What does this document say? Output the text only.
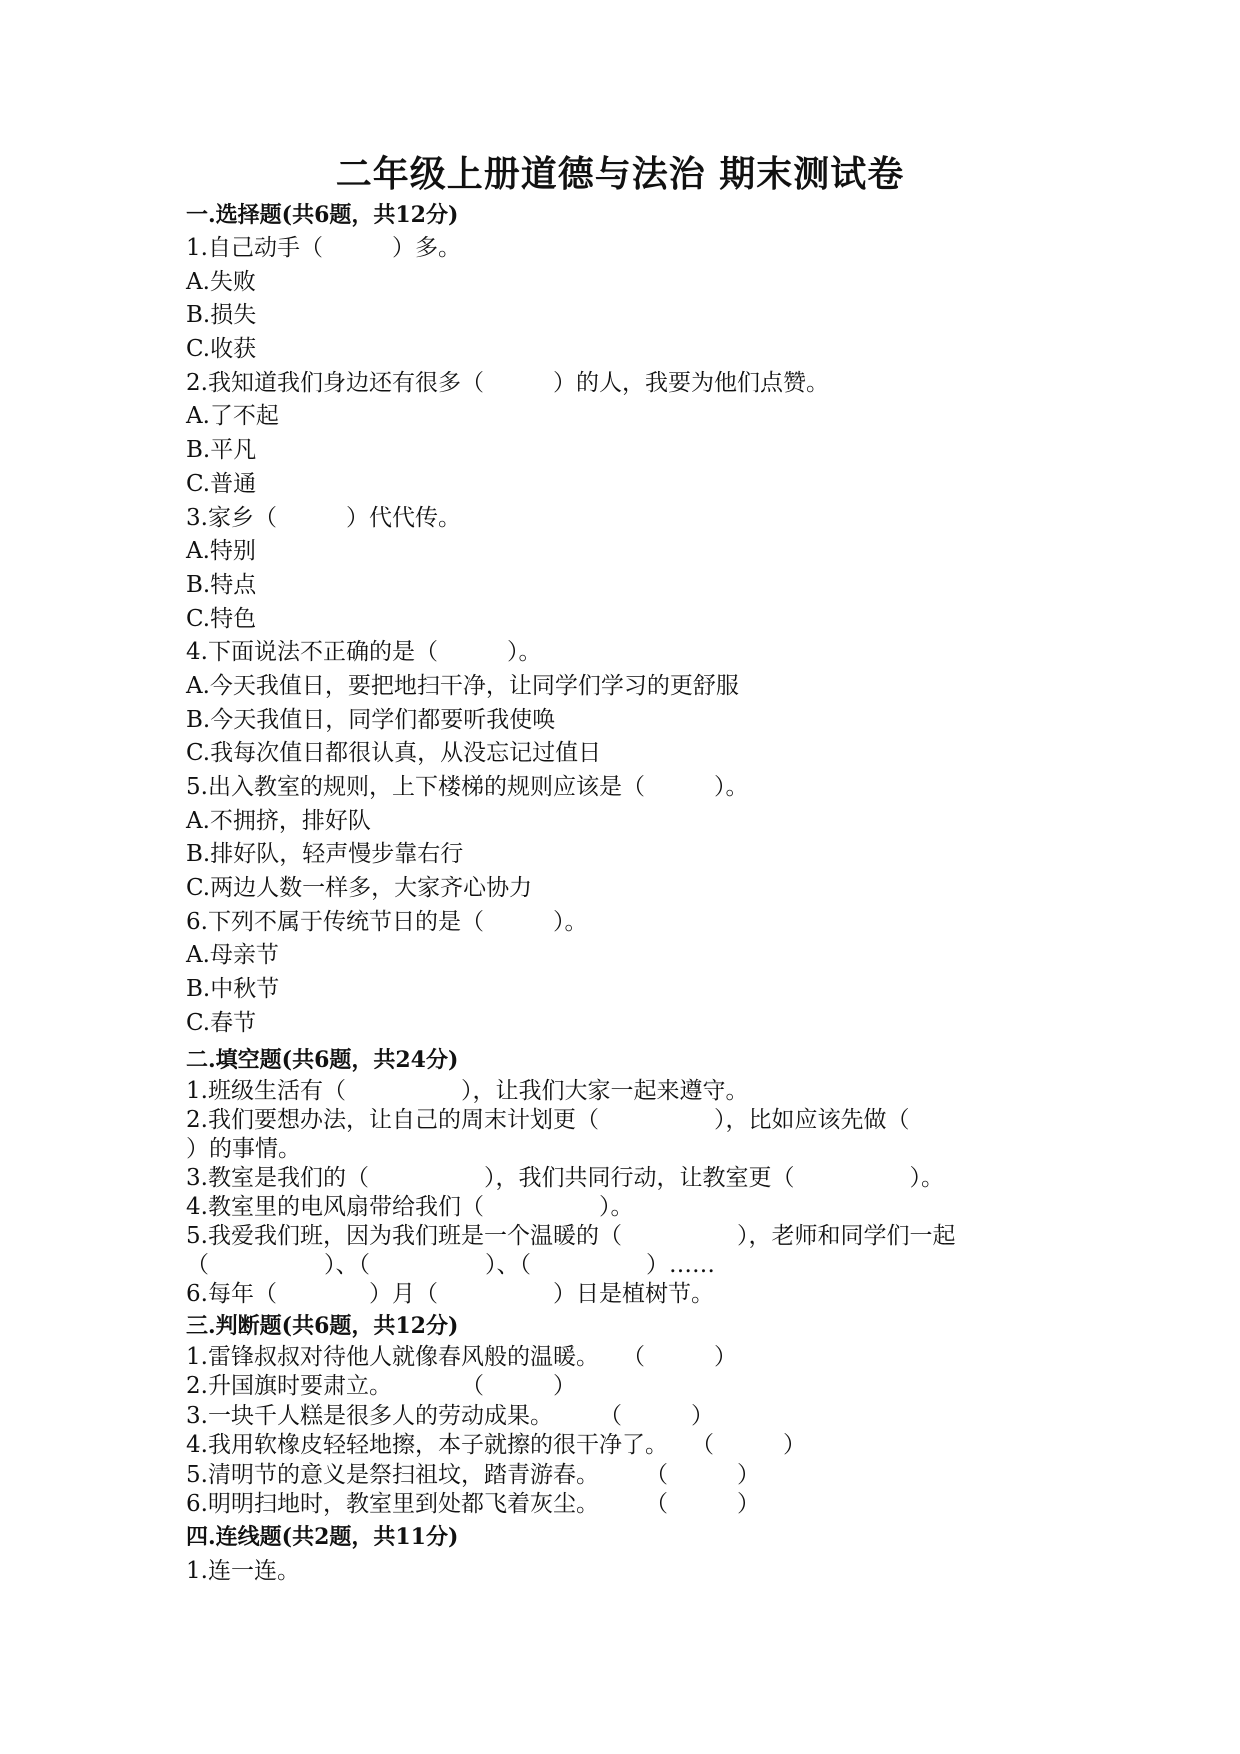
二年级上册道德与法治 期末测试卷
一.选择题(共6题，共12分)
1.自己动手（　　　）多。
A.失败
B.损失
C.收获
2.我知道我们身边还有很多（　　　）的人，我要为他们点赞。
A.了不起
B.平凡
C.普通
3.家乡（　　　）代代传。
A.特别
B.特点
C.特色
4.下面说法不正确的是（　　　）。
A.今天我值日，要把地扫干净，让同学们学习的更舒服
B.今天我值日，同学们都要听我使唤
C.我每次值日都很认真，从没忘记过值日
5.出入教室的规则，上下楼梯的规则应该是（　　　）。
A.不拥挤，排好队
B.排好队，轻声慢步靠右行
C.两边人数一样多，大家齐心协力
6.下列不属于传统节日的是（　　　）。
A.母亲节
B.中秋节
C.春节
二.填空题(共6题，共24分)
1.班级生活有（　　　　　），让我们大家一起来遵守。
2.我们要想办法，让自己的周末计划更（　　　　　），比如应该先做（
）的事情。
3.教室是我们的（　　　　　），我们共同行动，让教室更（　　　　　）。
4.教室里的电风扇带给我们（　　　　　）。
5.我爱我们班，因为我们班是一个温暖的（　　　　　），老师和同学们一起
（　　　　　）、（　　　　　）、（　　　　　）……
6.每年（　　　　）月（　　　　　）日是植树节。
三.判断题(共6题，共12分)
1.雷锋叔叔对待他人就像春风般的温暖。　　（　　　）
2.升国旗时要肃立。　　　　（　　　）
3.一块千人糕是很多人的劳动成果。　　　（　　　）
4.我用软橡皮轻轻地擦，本子就擦的很干净了。　　（　　　）
5.清明节的意义是祭扫祖坟，踏青游春。　　　（　　　）
6.明明扫地时，教室里到处都飞着灰尘。　　　（　　　）
四.连线题(共2题，共11分)
1.连一连。
